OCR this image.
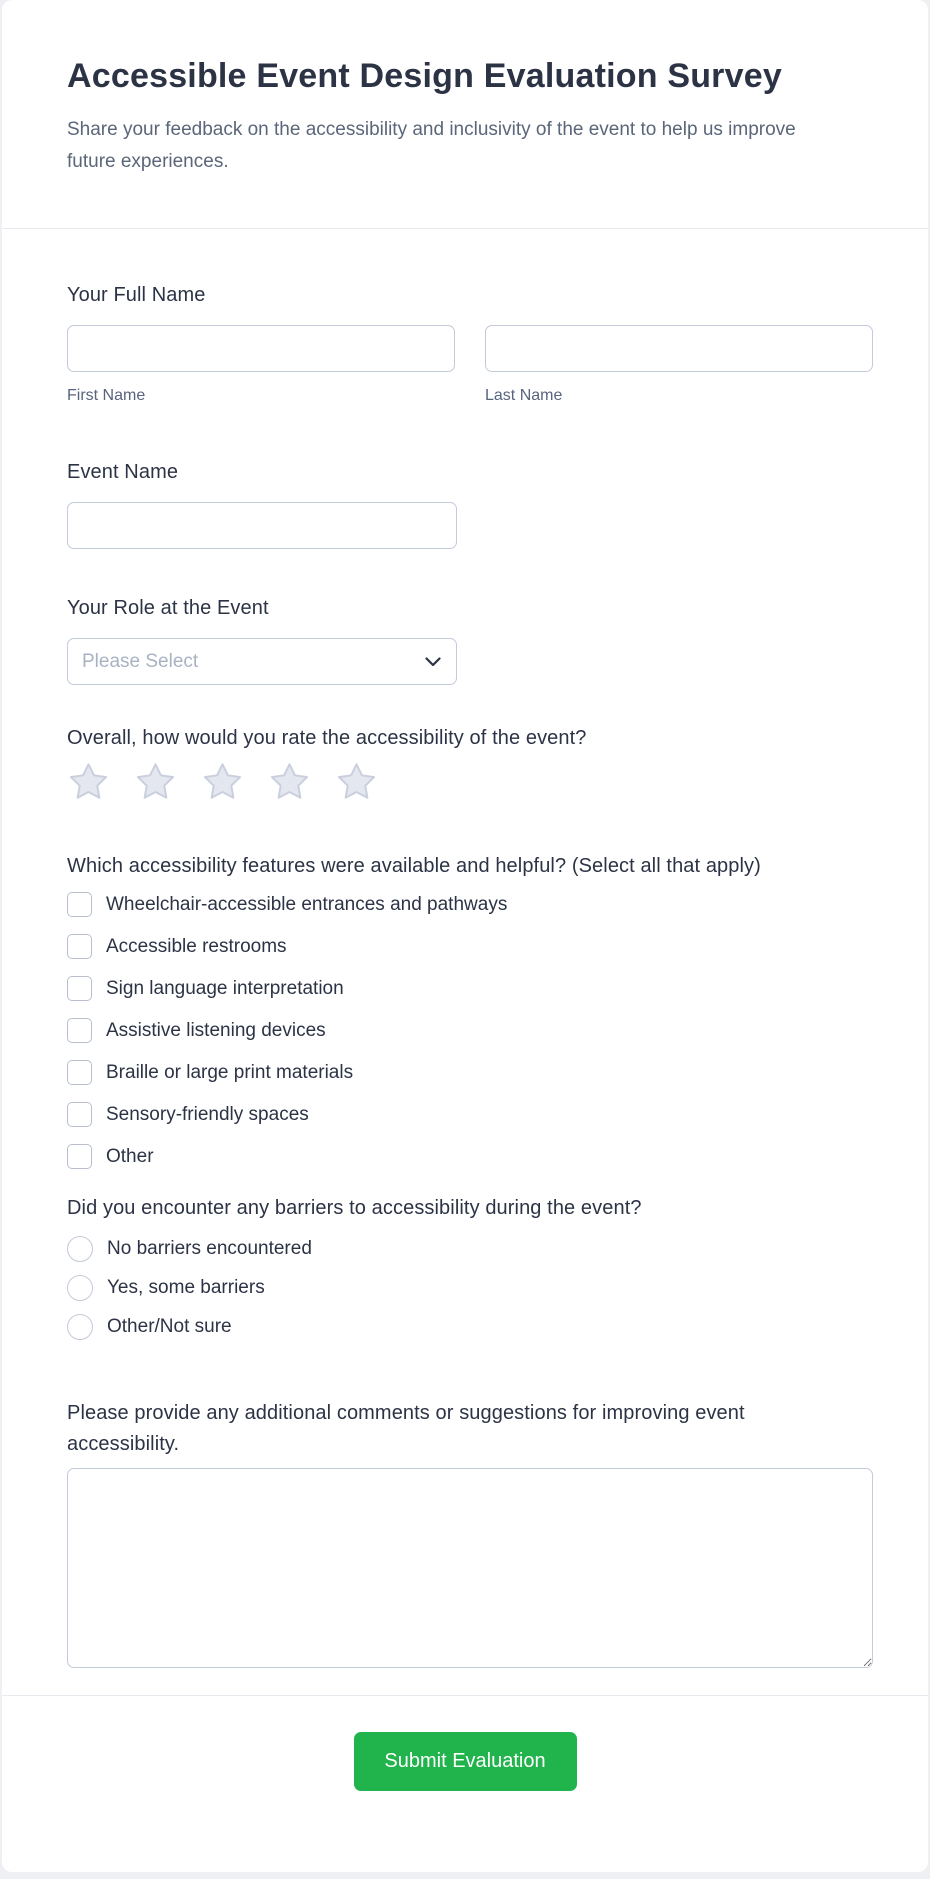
Accessible Event Design Evaluation Survey

Share your feedback on the accessibility and inclusivity of the event to help us improve future experiences.

Your Full Name
First Name	Last Name
Event Name
Your Role at the Event
Please Select
Overall, how would you rate the accessibility of the event?
Which accessibility features were available and helpful? (Select all that apply)
Wheelchair-accessible entrances and pathways
Accessible restrooms
Sign language interpretation
Assistive listening devices
Braille or large print materials
Sensory-friendly spaces
Other
Did you encounter any barriers to accessibility during the event?
No barriers encountered
Yes, some barriers
Other/Not sure
Please provide any additional comments or suggestions for improving event accessibility.
Submit Evaluation
